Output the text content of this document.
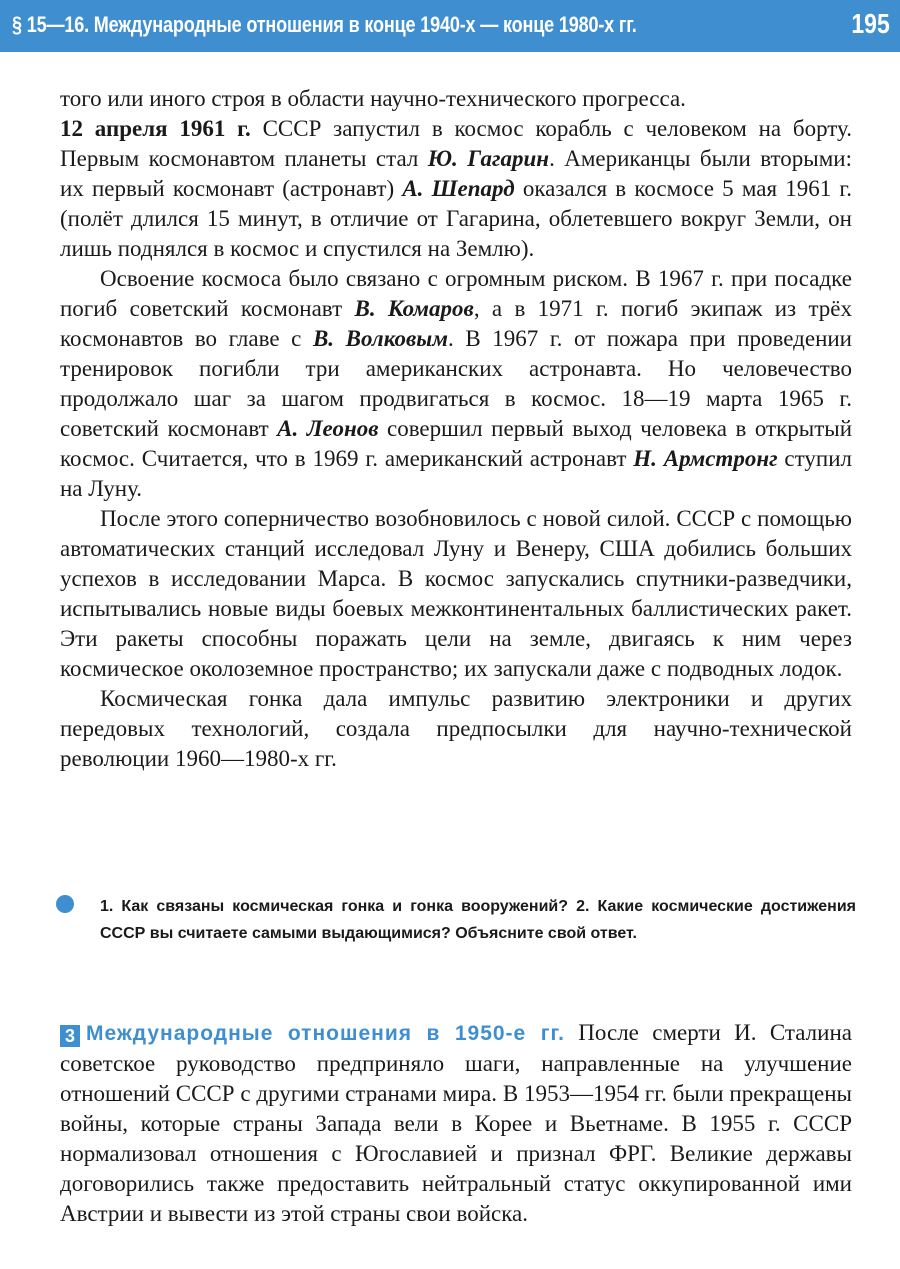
§ 15—16. Международные отношения в конце 1940-х — конце 1980-х гг.	195

того или иного строя в области научно-технического прогресса.
12 апреля 1961 г. СССР запустил в космос корабль с человеком на борту. Первым космонавтом планеты стал Ю. Гагарин. Американцы были вторыми: их первый космонавт (астронавт) А. Шепард оказался в космосе 5 мая 1961 г. (полёт длился 15 минут, в отличие от Гагарина, облетевшего вокруг Земли, он лишь поднялся в космос и спустился на Землю).

Освоение космоса было связано с огромным риском. В 1967 г. при посадке погиб советский космонавт В. Комаров, а в 1971 г. погиб экипаж из трёх космонавтов во главе с В. Волковым. В 1967 г. от пожара при проведении тренировок погибли три американских астронавта. Но человечество продолжало шаг за шагом продвигаться в космос. 18—19 марта 1965 г. советский космонавт А. Леонов совершил первый выход человека в открытый космос. Считается, что в 1969 г. американский астронавт Н. Армстронг ступил на Луну.

После этого соперничество возобновилось с новой силой. СССР с помощью автоматических станций исследовал Луну и Венеру, США добились больших успехов в исследовании Марса. В космос запускались спутники-разведчики, испытывались новые виды боевых межконтинентальных баллистических ракет. Эти ракеты способны поражать цели на земле, двигаясь к ним через космическое околоземное пространство; их запускали даже с подводных лодок.

Космическая гонка дала импульс развитию электроники и других передовых технологий, создала предпосылки для научно-технической революции 1960—1980-х гг.

1. Как связаны космическая гонка и гонка вооружений? 2. Какие космические достижения СССР вы считаете самыми выдающимися? Объясните свой ответ.

3 Международные отношения в 1950-е гг. После смерти И. Сталина советское руководство предприняло шаги, направленные на улучшение отношений СССР с другими странами мира. В 1953—1954 гг. были прекращены войны, которые страны Запада вели в Корее и Вьетнаме. В 1955 г. СССР нормализовал отношения с Югославией и признал ФРГ. Великие державы договорились также предоставить нейтральный статус оккупированной ими Австрии и вывести из этой страны свои войска.
